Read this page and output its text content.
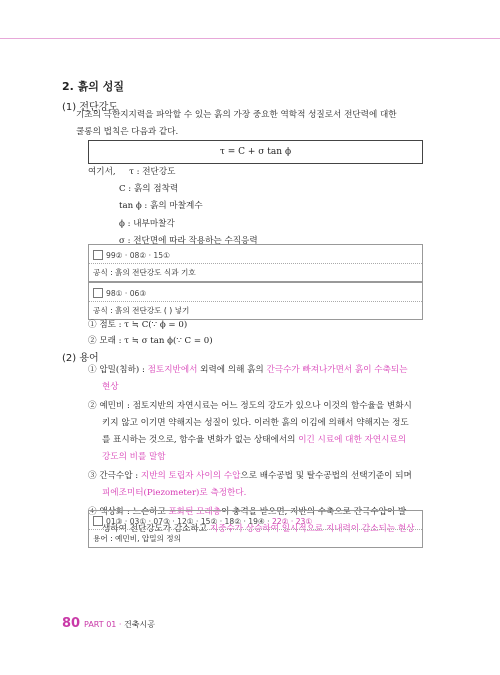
2. 흙의 성질
(1) 전단강도
기초의 극한지지력을 파악할 수 있는 흙의 가장 중요한 역학적 성질로서 전단력에 대한
쿨롱의 법칙은 다음과 같다.
τ = C + σ tan ϕ
여기서, τ : 전단강도
C : 흙의 점착력
tan ϕ : 흙의 마찰계수
ϕ : 내부마찰각
σ : 전단면에 따라 작용하는 수직응력
99② · 08② · 15①
공식 : 흙의 전단강도 식과 기호
98① · 06③
공식 : 흙의 전단강도 ( ) 넣기
① 점토 : τ ≒ C(∵ ϕ = 0)
② 모래 : τ ≒ σ tan ϕ(∵ C = 0)
(2) 용어
① 압밀(침하) : 점토지반에서 외력에 의해 흙의 간극수가 빠져나가면서 흙이 수축되는
현상
② 예민비 : 점토지반의 자연시료는 어느 정도의 강도가 있으나 이것의 함수율을 변화시
키지 않고 이기면 약해지는 성질이 있다. 이러한 흙의 이김에 의해서 약해지는 정도
를 표시하는 것으로, 함수율 변화가 없는 상태에서의 이긴 시료에 대한 자연시료의
강도의 비를 말함
③ 간극수압 : 지반의 토립자 사이의 수압으로 배수공법 및 탈수공법의 선택기준이 되며
피에조미터(Piezometer)로 측정한다.
④ 액상화 : 느슨하고 포화된 모래층이 충격을 받으면, 지반의 수축으로 간극수압이 발
생하여 전단강도가 감소하고 지중수가 상승하여 일시적으로 지내력이 감소되는 현상
01③ · 03① · 07③ · 12① · 15② · 18② · 19④ · 22② · 23①
용어 : 예민비, 압밀의 정의
80 PART 01 · 건축시공
